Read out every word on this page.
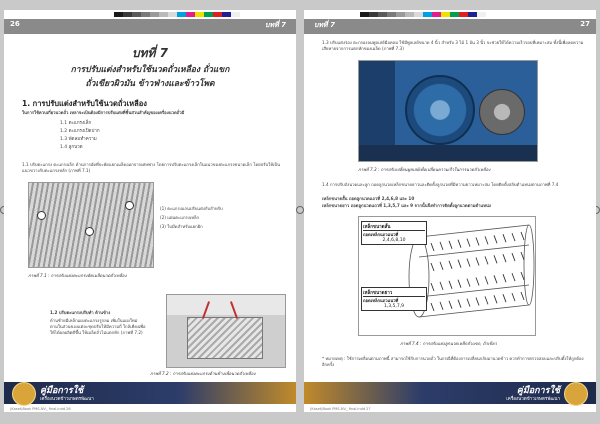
26	บทที่ 7
บทที่ 7
การปรับแต่งสำหรับใช้นวดถั่วเหลือง ถั่วแขก
ถั่วเขียวผิวมัน ข้าวฟ่างและข้าวโพด
1. การปรับแต่งสำหรับใช้นวดถั่วเหลือง
ในการใช้ควบเกี่ยวนวดถั่ว เหลาจะเป็นต้องมีการปรับแต่งที่ชิ้นส่วนสำคัญของเครื่องนวดถั่วมี
1.1 ตะแกรงเล็ก
1.2 ตะแกรงเปิดปาก
1.3 พัดลมทำความ
1.4 ลูกนวด
1.1 ปรับตะแกรง ตะแกรงเล็ก ด้านการอัดที่จะคัดแยกเมล็ดออกจากเศษฟาง โดยการปรับตะแกรงเล็กในแนวของตะแกรงขนาดเล็ก โดยปรับให้เป็นแนวขวางกับตะแกรงหลัก (ภาพที่ 7.1)
(1) ตะแกรงแกนปรับแต่งกับสำหรับ
(2) แผ่นตะแกรงเหล็ก
(3) ใบมีดสำหรับแยกฝัก
ภาพที่ 7.1 : การปรับแต่งตะแกรงคัดเมล็ดนวดถั่วเหลือง
1.2 ปรับตะแกรงปรับทำ ด้านข้าง
ด้านซ้ายมีเหล็กแผงตะแกรงรูกลม เพิ่มในแผงใหม่ ตามในส่วนของแต่ละชุดปรับให้มีความถี่ ใกล้เคียงเพื่อให้ได้ผลผลิตดีขึ้น ให้เมล็ดถั่วไม่แตกหัก (ภาพที่ 7.2)
ภาพที่ 7.2 : การปรับแต่งตะแกรงด้านข้างเพื่อนวดถั่วเหลือง
คู่มือการใช้
เครื่องนวดข้าวเกษตรพัฒนา
(Kaset)Book PMS-NV_ final.indd 26
บทที่ 7	27
1.3 ปรับแต่งร่อง ตะกรองลมพูลเล่ย์มือคลม ใช้มีพูลเลย์ขนาด 4 นิ้ว สำหรับ 3 ไม้ 1 อัน 3 นิ้ว จะช่วยให้ได้ความเร็วรอบที่เหมาะสม ทั้งนี้เพื่อลดความเสียหายจากการแตกหักของเมล็ด (ภาพที่ 7.3)
ภาพที่ 7.3 : การปรับเปลี่ยนพูลเล่ย์เพื่อเปลี่ยนความเร็วในการนวดถั่วเหลือง
1.4 การปรับถังนวดและลูก ถอดลูกนวดเหล็กขนาดยาวและติดตั้งลูกนวดที่มีความยาวเหมาะสม โดยติดตั้งสลับตำแหน่งตามภาพที่ 7.4
เหล็กขนาดสั้น ถอดลูกนวดแถวที่ 2,4,6,8 และ 10
เหล็กขนาดยาว ถอดลูกนวดแถวที่ 1,3,5,7 และ 9 จากนั้นจึงทำการติดตั้งลูกนวดตามตำแหน่ง
เหล็กขนาดสั้น
ถอดเหล็กแถวแนวที่
2,4,6,8,10
เหล็กขนาดยาว
ถอดเหล็กแถวแนวที่
1,3,5,7,9
ภาพที่ 7.4 : การปรับแต่งลูกนวดเหล็กถั่วแขก, ถั่วเขียว
* หมายเหตุ : ใช้การเคลื่อนตามภาพนี้ สามารถใช้กับการนวดถั่ว ในกรณีที่ต้องการเปลี่ยนกลับมานวดข้าว ควรทำการตรวจสอบและปรับตั้งให้ถูกต้องอีกครั้ง
คู่มือการใช้
เครื่องนวดข้าวเกษตรพัฒนา
(Kaset)Book PMS-NV_ final.indd 27
